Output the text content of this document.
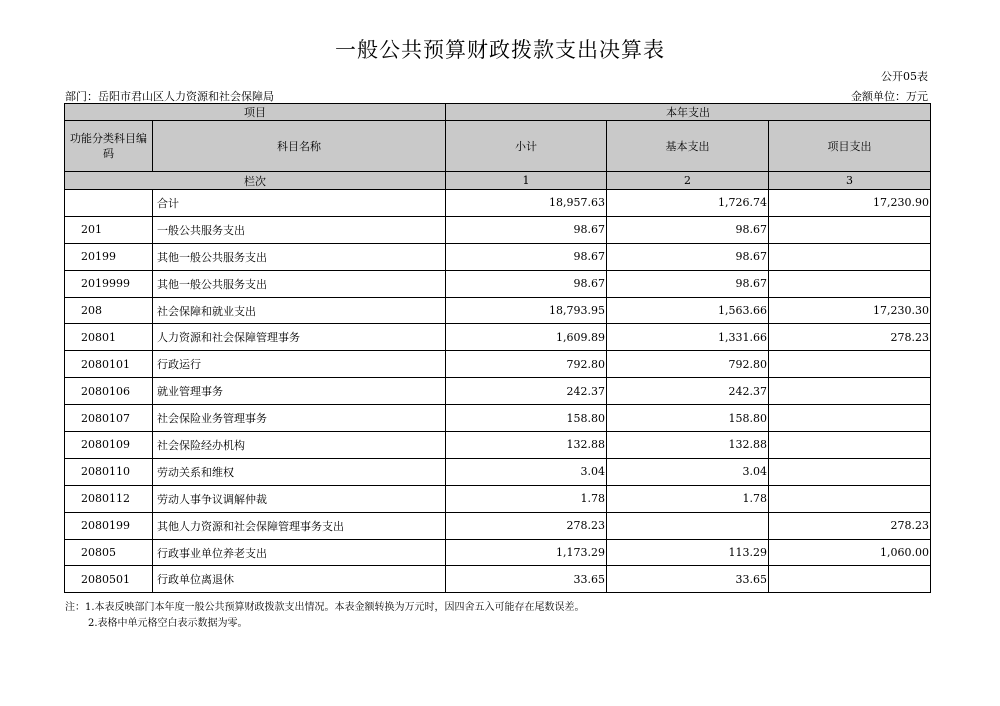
一般公共预算财政拨款支出决算表
公开05表
部门：岳阳市君山区人力资源和社会保障局	金额单位：万元
项目		本年支出		
功能分类科目编码	科目名称	小计	基本支出	项目支出
栏次		1	2	3
	合计	18,957.63	1,726.74	17,230.90
201	一般公共服务支出	98.67	98.67	
20199	其他一般公共服务支出	98.67	98.67	
2019999	其他一般公共服务支出	98.67	98.67	
208	社会保障和就业支出	18,793.95	1,563.66	17,230.30
20801	人力资源和社会保障管理事务	1,609.89	1,331.66	278.23
2080101	行政运行	792.80	792.80	
2080106	就业管理事务	242.37	242.37	
2080107	社会保险业务管理事务	158.80	158.80	
2080109	社会保险经办机构	132.88	132.88	
2080110	劳动关系和维权	3.04	3.04	
2080112	劳动人事争议调解仲裁	1.78	1.78	
2080199	其他人力资源和社会保障管理事务支出	278.23		278.23
20805	行政事业单位养老支出	1,173.29	113.29	1,060.00
2080501	行政单位离退休	33.65	33.65	
注：1.本表反映部门本年度一般公共预算财政拨款支出情况。本表金额转换为万元时，因四舍五入可能存在尾数误差。
2.表格中单元格空白表示数据为零。
